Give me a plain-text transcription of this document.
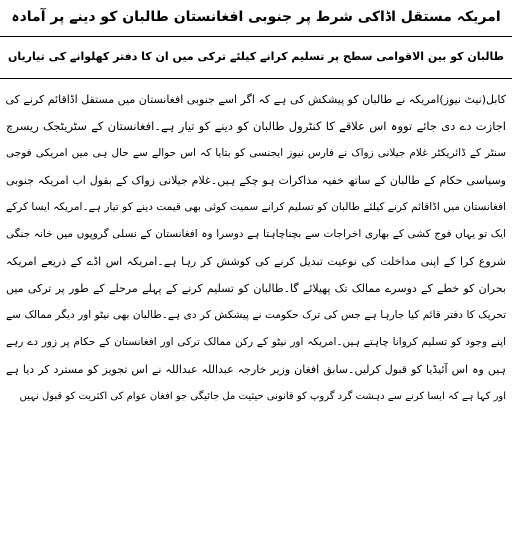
امریکہ مستقل اڈاکی شرط پر جنوبی افغانستان طالبان کو دینے پر آمادہ
طالبان کو بین الاقوامی سطح پر تسلیم کرانے کیلئے ترکی میں ان کا دفتر کھلوانے کی تیاریاں
کابل(نیٹ نیوز)امریکہ نے طالبان کو پیشکش کی ہے کہ اگر اسے جنوبی افغانستان میں مستقل اڈاقائم کرنے کی
اجازت دے دی جائے تووہ اس علاقے کا کنٹرول طالبان کو دینے کو تیار ہے۔افغانستان کے سٹریٹجک ریسرچ
سنٹر کے ڈائریکٹر غلام جیلانی زواک نے فارس نیوز ایجنسی کو بتایا کہ اس حوالے سے حال ہی میں امریکی فوجی
وسیاسی حکام کے طالبان کے ساتھ خفیہ مذاکرات ہو چکے ہیں۔غلام جیلانی زواک کے بقول اب امریکہ جنوبی
افغانستان میں اڈاقائم کرنے کیلئے طالبان کو تسلیم کرانے سمیت کوئی بھی قیمت دینے کو تیار ہے۔امریکہ ایسا کرکے
ایک تو یہاں فوج کشی کے بھاری اخراجات سے بچناچاہتا ہے دوسرا وہ افغانستان کے نسلی گروپوں میں خانہ جنگی
شروع کرا کے اپنی مداخلت کی نوعیت تبدیل کرنے کی کوشش کر رہا ہے۔امریکہ اس اڈے کے ذریعے امریکہ
بحران کو خطے کے دوسرے ممالک تک پھیلائے گا۔طالبان کو تسلیم کرنے کے پہلے مرحلے کے طور پر ترکی میں
تحریک کا دفتر قائم کیا جارہا ہے جس کی ترک حکومت نے پیشکش کر دی ہے۔طالبان بھی نیٹو اور دیگر ممالک سے
اپنے وجود کو تسلیم کروانا چاہتے ہیں۔امریکہ اور نیٹو کے رکن ممالک ترکی اور افغانستان کے حکام پر زور دے رہے
ہیں وہ اس آئیڈیا کو قبول کرلیں۔سابق افغان وزیر خارجہ عبداللہ عبداللہ نے اس تجویز کو مسترد کر دیا ہے
اور کہا ہے کہ ایسا کرنے سے دہشت گرد گروپ کو قانونی حیثیت مل جائیگی جو افغان عوام کی اکثریت کو قبول نہیں
